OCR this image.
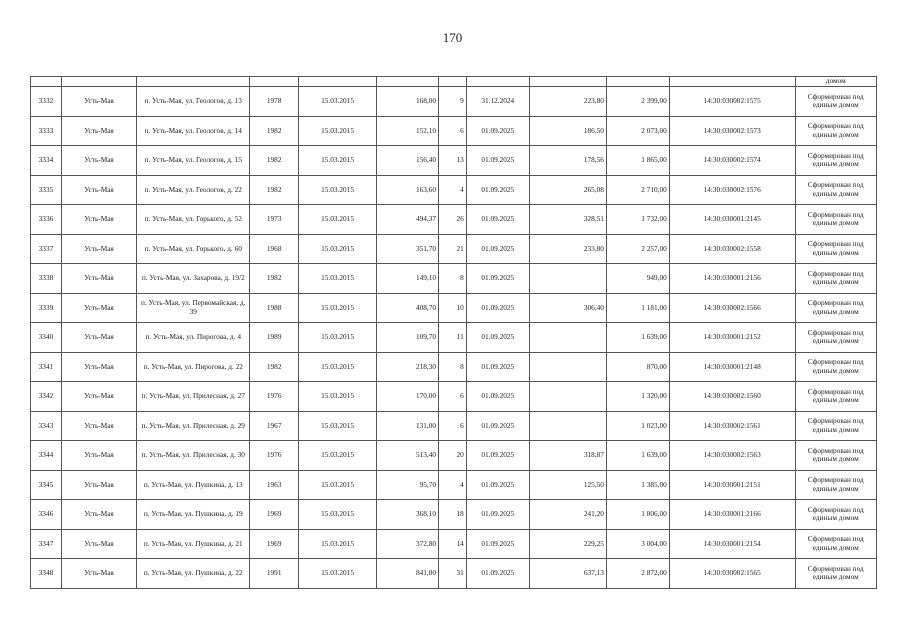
170
											домом
3332	Усть-Мая	п. Усть-Мая, ул. Геологов, д. 13	1978	15.03.2015	168,00	9	31.12.2024	223,80	2 399,00	14:30:030002:1575	Сформирован под единым домом
3333	Усть-Мая	п. Усть-Мая, ул. Геологов, д. 14	1982	15.03.2015	152,10	6	01.09.2025	186,50	2 073,00	14:30:030002:1573	Сформирован под единым домом
3334	Усть-Мая	п. Усть-Мая, ул. Геологов, д. 15	1982	15.03.2015	156,40	13	01.09.2025	178,56	1 865,00	14:30:030002:1574	Сформирован под единым домом
3335	Усть-Мая	п. Усть-Мая, ул. Геологов, д. 22	1982	15.03.2015	163,60	4	01.09.2025	265,08	2 710,00	14:30:030002:1576	Сформирован под единым домом
3336	Усть-Мая	п. Усть-Мая, ул. Горького, д. 52	1973	15.03.2015	494,37	26	01.09.2025	328,51	1 732,00	14:30:030001:2145	Сформирован под единым домом
3337	Усть-Мая	п. Усть-Мая, ул. Горького, д. 60	1968	15.03.2015	351,70	21	01.09.2025	233,80	2 257,00	14:30:030002:1558	Сформирован под единым домом
3338	Усть-Мая	п. Усть-Мая, ул. Захарова, д. 19/2	1982	15.03.2015	149,10	8	01.09.2025		949,00	14:30:030001:2156	Сформирован под единым домом
3339	Усть-Мая	п. Усть-Мая, ул. Первомайская, д. 39	1988	15.03.2015	408,70	10	01.09.2025	306,40	1 181,00	14:30:030002:1566	Сформирован под единым домом
3340	Усть-Мая	п. Усть-Мая, ул. Пирогова, д. 4	1989	15.03.2015	109,70	11	01.09.2025		1 639,00	14:30:030001:2152	Сформирован под единым домом
3341	Усть-Мая	п. Усть-Мая, ул. Пирогова, д. 22	1982	15.03.2015	218,30	8	01.09.2025		870,00	14:30:030001:2148	Сформирован под единым домом
3342	Усть-Мая	п. Усть-Мая, ул. Прилесная, д. 27	1976	15.03.2015	170,00	6	01.09.2025		1 320,00	14:30:030002:1560	Сформирован под единым домом
3343	Усть-Мая	п. Усть-Мая, ул. Прилесная, д. 29	1967	15.03.2015	131,00	6	01.09.2025		1 023,00	14:30:030002:1561	Сформирован под единым домом
3344	Усть-Мая	п. Усть-Мая, ул. Прилесная, д. 30	1976	15.03.2015	513,40	20	01.09.2025	318,87	1 639,00	14:30:030002:1563	Сформирован под единым домом
3345	Усть-Мая	п. Усть-Мая, ул. Пушкина, д. 13	1963	15.03.2015	95,70	4	01.09.2025	125,50	1 385,00	14:30:030001:2151	Сформирован под единым домом
3346	Усть-Мая	п. Усть-Мая, ул. Пушкина, д. 19	1969	15.03.2015	368,10	18	01.09.2025	241,20	1 806,00	14:30:030001:2166	Сформирован под единым домом
3347	Усть-Мая	п. Усть-Мая, ул. Пушкина, д. 21	1969	15.03.2015	372,80	14	01.09.2025	229,25	3 004,00	14:30:030001:2154	Сформирован под единым домом
3348	Усть-Мая	п. Усть-Мая, ул. Пушкина, д. 22	1991	15.03.2015	841,80	31	01.09.2025	637,13	2 872,00	14:30:030002:1565	Сформирован под единым домом
